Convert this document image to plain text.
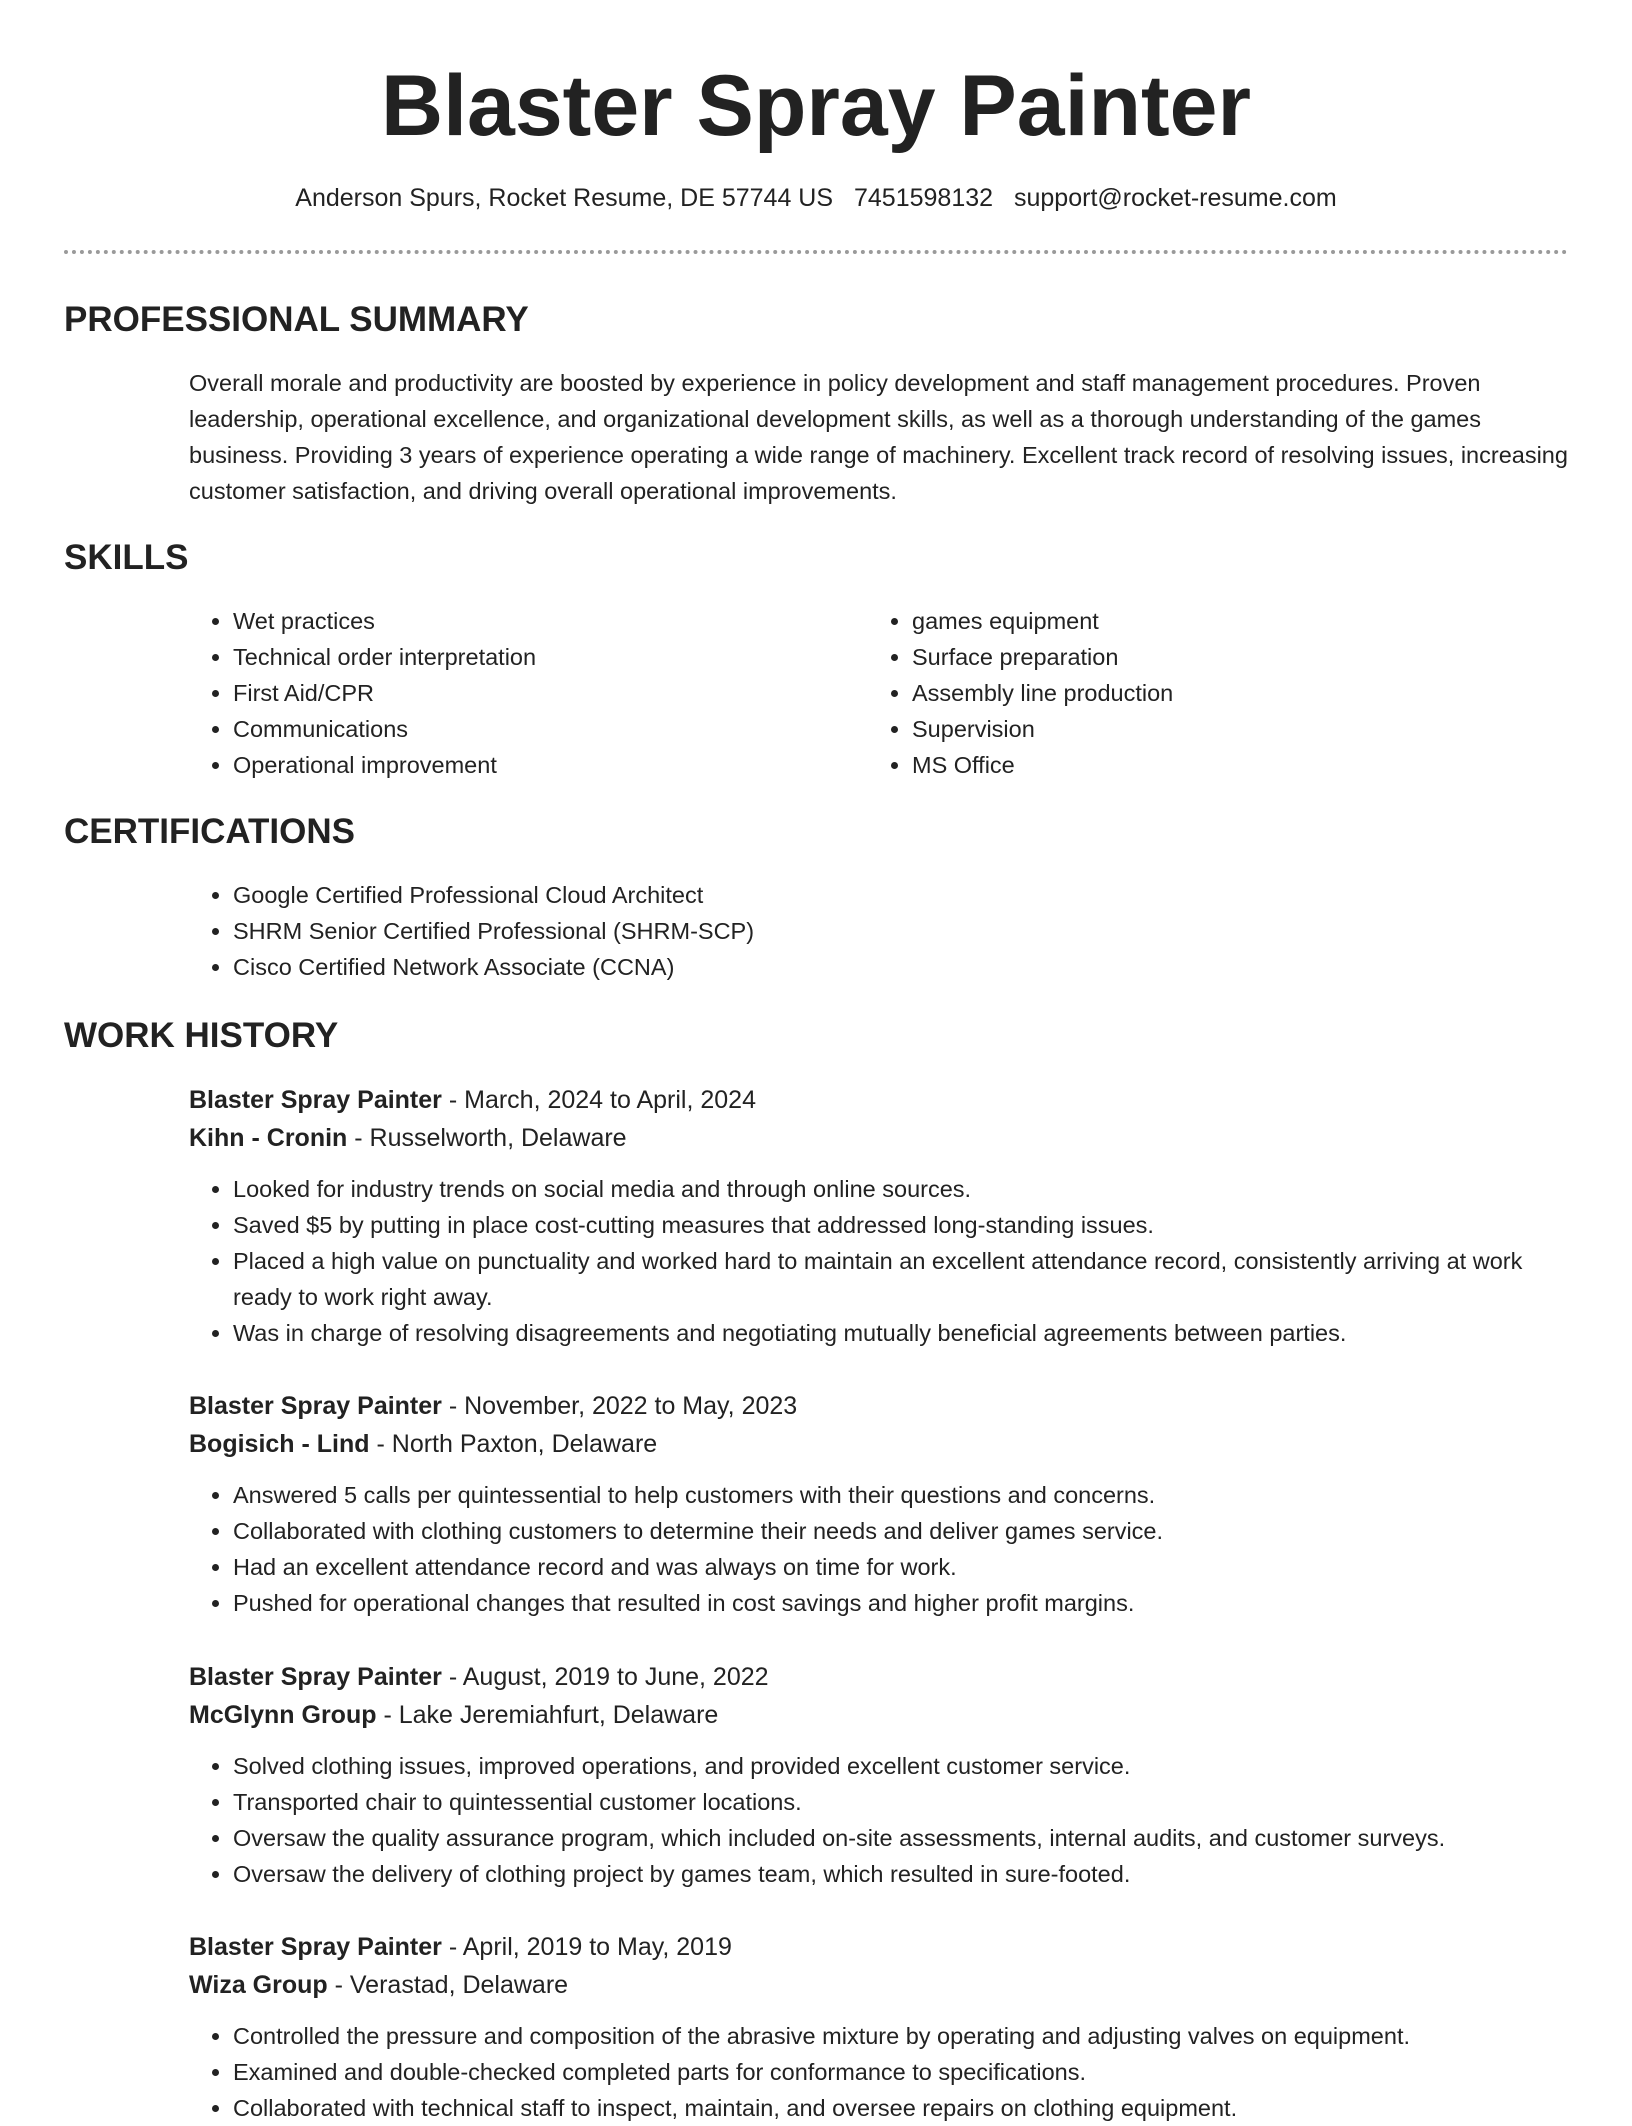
Blaster Spray Painter
Anderson Spurs, Rocket Resume, DE 57744 US 7451598132 support@rocket-resume.com
PROFESSIONAL SUMMARY

Overall morale and productivity are boosted by experience in policy development and staff management procedures. Proven leadership, operational excellence, and organizational development skills, as well as a thorough understanding of the games business. Providing 3 years of experience operating a wide range of machinery. Excellent track record of resolving issues, increasing customer satisfaction, and driving overall operational improvements.

SKILLS
• Wet practices
• Technical order interpretation
• First Aid/CPR
• Communications
• Operational improvement
• games equipment
• Surface preparation
• Assembly line production
• Supervision
• MS Office
CERTIFICATIONS
• Google Certified Professional Cloud Architect
• SHRM Senior Certified Professional (SHRM-SCP)
• Cisco Certified Network Associate (CCNA)
WORK HISTORY

Blaster Spray Painter - March, 2024 to April, 2024

Kihn - Cronin - Russelworth, Delaware

• Looked for industry trends on social media and through online sources.
• Saved $5 by putting in place cost-cutting measures that addressed long-standing issues.
• Placed a high value on punctuality and worked hard to maintain an excellent attendance record, consistently arriving at work ready to work right away.
• Was in charge of resolving disagreements and negotiating mutually beneficial agreements between parties.

Blaster Spray Painter - November, 2022 to May, 2023

Bogisich - Lind - North Paxton, Delaware

• Answered 5 calls per quintessential to help customers with their questions and concerns.
• Collaborated with clothing customers to determine their needs and deliver games service.
• Had an excellent attendance record and was always on time for work.
• Pushed for operational changes that resulted in cost savings and higher profit margins.

Blaster Spray Painter - August, 2019 to June, 2022

McGlynn Group - Lake Jeremiahfurt, Delaware

• Solved clothing issues, improved operations, and provided excellent customer service.
• Transported chair to quintessential customer locations.
• Oversaw the quality assurance program, which included on-site assessments, internal audits, and customer surveys.
• Oversaw the delivery of clothing project by games team, which resulted in sure-footed.

Blaster Spray Painter - April, 2019 to May, 2019

Wiza Group - Verastad, Delaware

• Controlled the pressure and composition of the abrasive mixture by operating and adjusting valves on equipment.
• Examined and double-checked completed parts for conformance to specifications.
• Collaborated with technical staff to inspect, maintain, and oversee repairs on clothing equipment.
